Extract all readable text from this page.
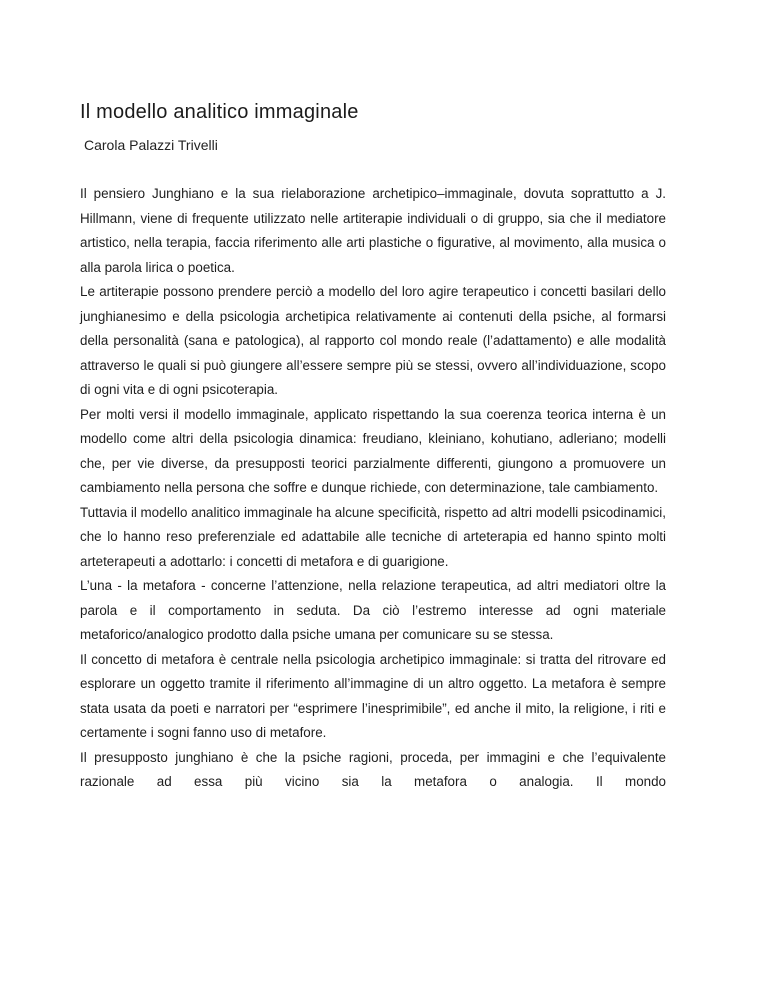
Il modello analitico immaginale
Carola Palazzi Trivelli

Il pensiero Junghiano e la sua rielaborazione archetipico–immaginale, dovuta soprattutto a J. Hillmann, viene di frequente utilizzato nelle artiterapie individuali o di gruppo, sia che il mediatore artistico, nella terapia, faccia riferimento alle arti plastiche o figurative, al movimento, alla musica o alla parola lirica o poetica.

Le artiterapie possono prendere perciò a modello del loro agire terapeutico i concetti basilari dello junghianesimo e della psicologia archetipica relativamente ai contenuti della psiche, al formarsi della personalità (sana e patologica), al rapporto col mondo reale (l’adattamento) e alle modalità attraverso le quali si può giungere all’essere sempre più se stessi, ovvero all’individuazione, scopo di ogni vita e di ogni psicoterapia.

Per molti versi il modello immaginale, applicato rispettando la sua coerenza teorica interna è un modello come altri della psicologia dinamica: freudiano, kleiniano, kohutiano, adleriano; modelli che, per vie diverse, da presupposti teorici parzialmente differenti, giungono a promuovere un cambiamento nella persona che soffre e dunque richiede, con determinazione, tale cambiamento.

Tuttavia il modello analitico immaginale ha alcune specificità, rispetto ad altri modelli psicodinamici, che lo hanno reso preferenziale ed adattabile alle tecniche di arteterapia ed hanno spinto molti arteterapeuti a adottarlo: i concetti di metafora e di guarigione.

L’una - la metafora - concerne l’attenzione, nella relazione terapeutica, ad altri mediatori oltre la parola e il comportamento in seduta. Da ciò l’estremo interesse ad ogni materiale metaforico/analogico prodotto dalla psiche umana per comunicare su se stessa.

Il concetto di metafora è centrale nella psicologia archetipico immaginale: si tratta del ritrovare ed esplorare un oggetto tramite il riferimento all’immagine di un altro oggetto. La metafora è sempre stata usata da poeti e narratori per “esprimere l’inesprimibile”, ed anche il mito, la religione, i riti e certamente i sogni fanno uso di metafore.

Il presupposto junghiano è che la psiche ragioni, proceda, per immagini e che l’equivalente razionale ad essa più vicino sia la metafora o analogia. Il mondo
